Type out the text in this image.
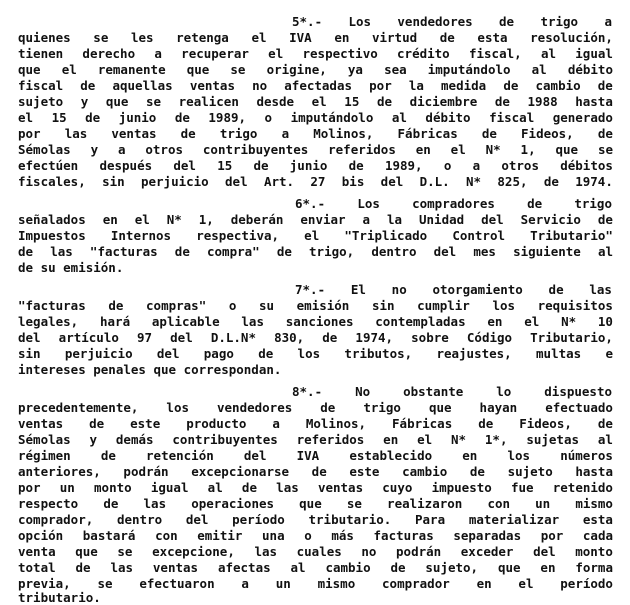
5*.- Los vendedores de trigo a
quienes se les retenga el IVA en virtud de esta resolución,
tienen derecho a recuperar el respectivo crédito fiscal, al igual
que el remanente que se origine, ya sea imputándolo al débito
fiscal de aquellas ventas no afectadas por la medida de cambio de
sujeto y que se realicen desde el 15 de diciembre de 1988 hasta
el 15 de junio de 1989, o imputándolo al débito fiscal generado
por las ventas de trigo a Molinos, Fábricas de Fideos, de
Sémolas y a otros contribuyentes referidos en el N* 1, que se
efectúen después del 15 de junio de 1989, o a otros débitos
fiscales, sin perjuicio del Art. 27 bis del D.L. N* 825, de 1974.
6*.-	Los	compradores	de	trigo
señalados en el N* 1, deberán enviar a la Unidad del Servicio de
Impuestos Internos respectiva, el "Triplicado Control Tributario"
de las "facturas de compra" de trigo, dentro del mes siguiente al
de su emisión.
7*.- El no otorgamiento de las
"facturas de compras" o su emisión sin cumplir los requisitos
legales, hará aplicable las sanciones contempladas en el N* 10
del artículo 97 del D.L.N* 830, de 1974, sobre Código Tributario,
sin perjuicio del pago de los tributos, reajustes, multas e
intereses penales que correspondan.
8*.-	No	obstante	lo	dispuesto
precedentemente, los vendedores de trigo que hayan efectuado
ventas de este producto a Molinos, Fábricas de Fideos, de
Sémolas y demás contribuyentes referidos en el N* 1*, sujetas al
régimen de retención del IVA establecido en los números
anteriores, podrán excepcionarse de este cambio de sujeto hasta
por un monto igual al de las ventas cuyo impuesto fue retenido
respecto de las operaciones que se realizaron con un mismo
comprador, dentro del período tributario. Para materializar esta
opción bastará con emitir una o más facturas separadas por cada
venta que se excepcione, las cuales no podrán exceder del monto
total de las ventas afectas al cambio de sujeto, que en forma
previa, se efectuaron a un mismo comprador en el período
tributario.
